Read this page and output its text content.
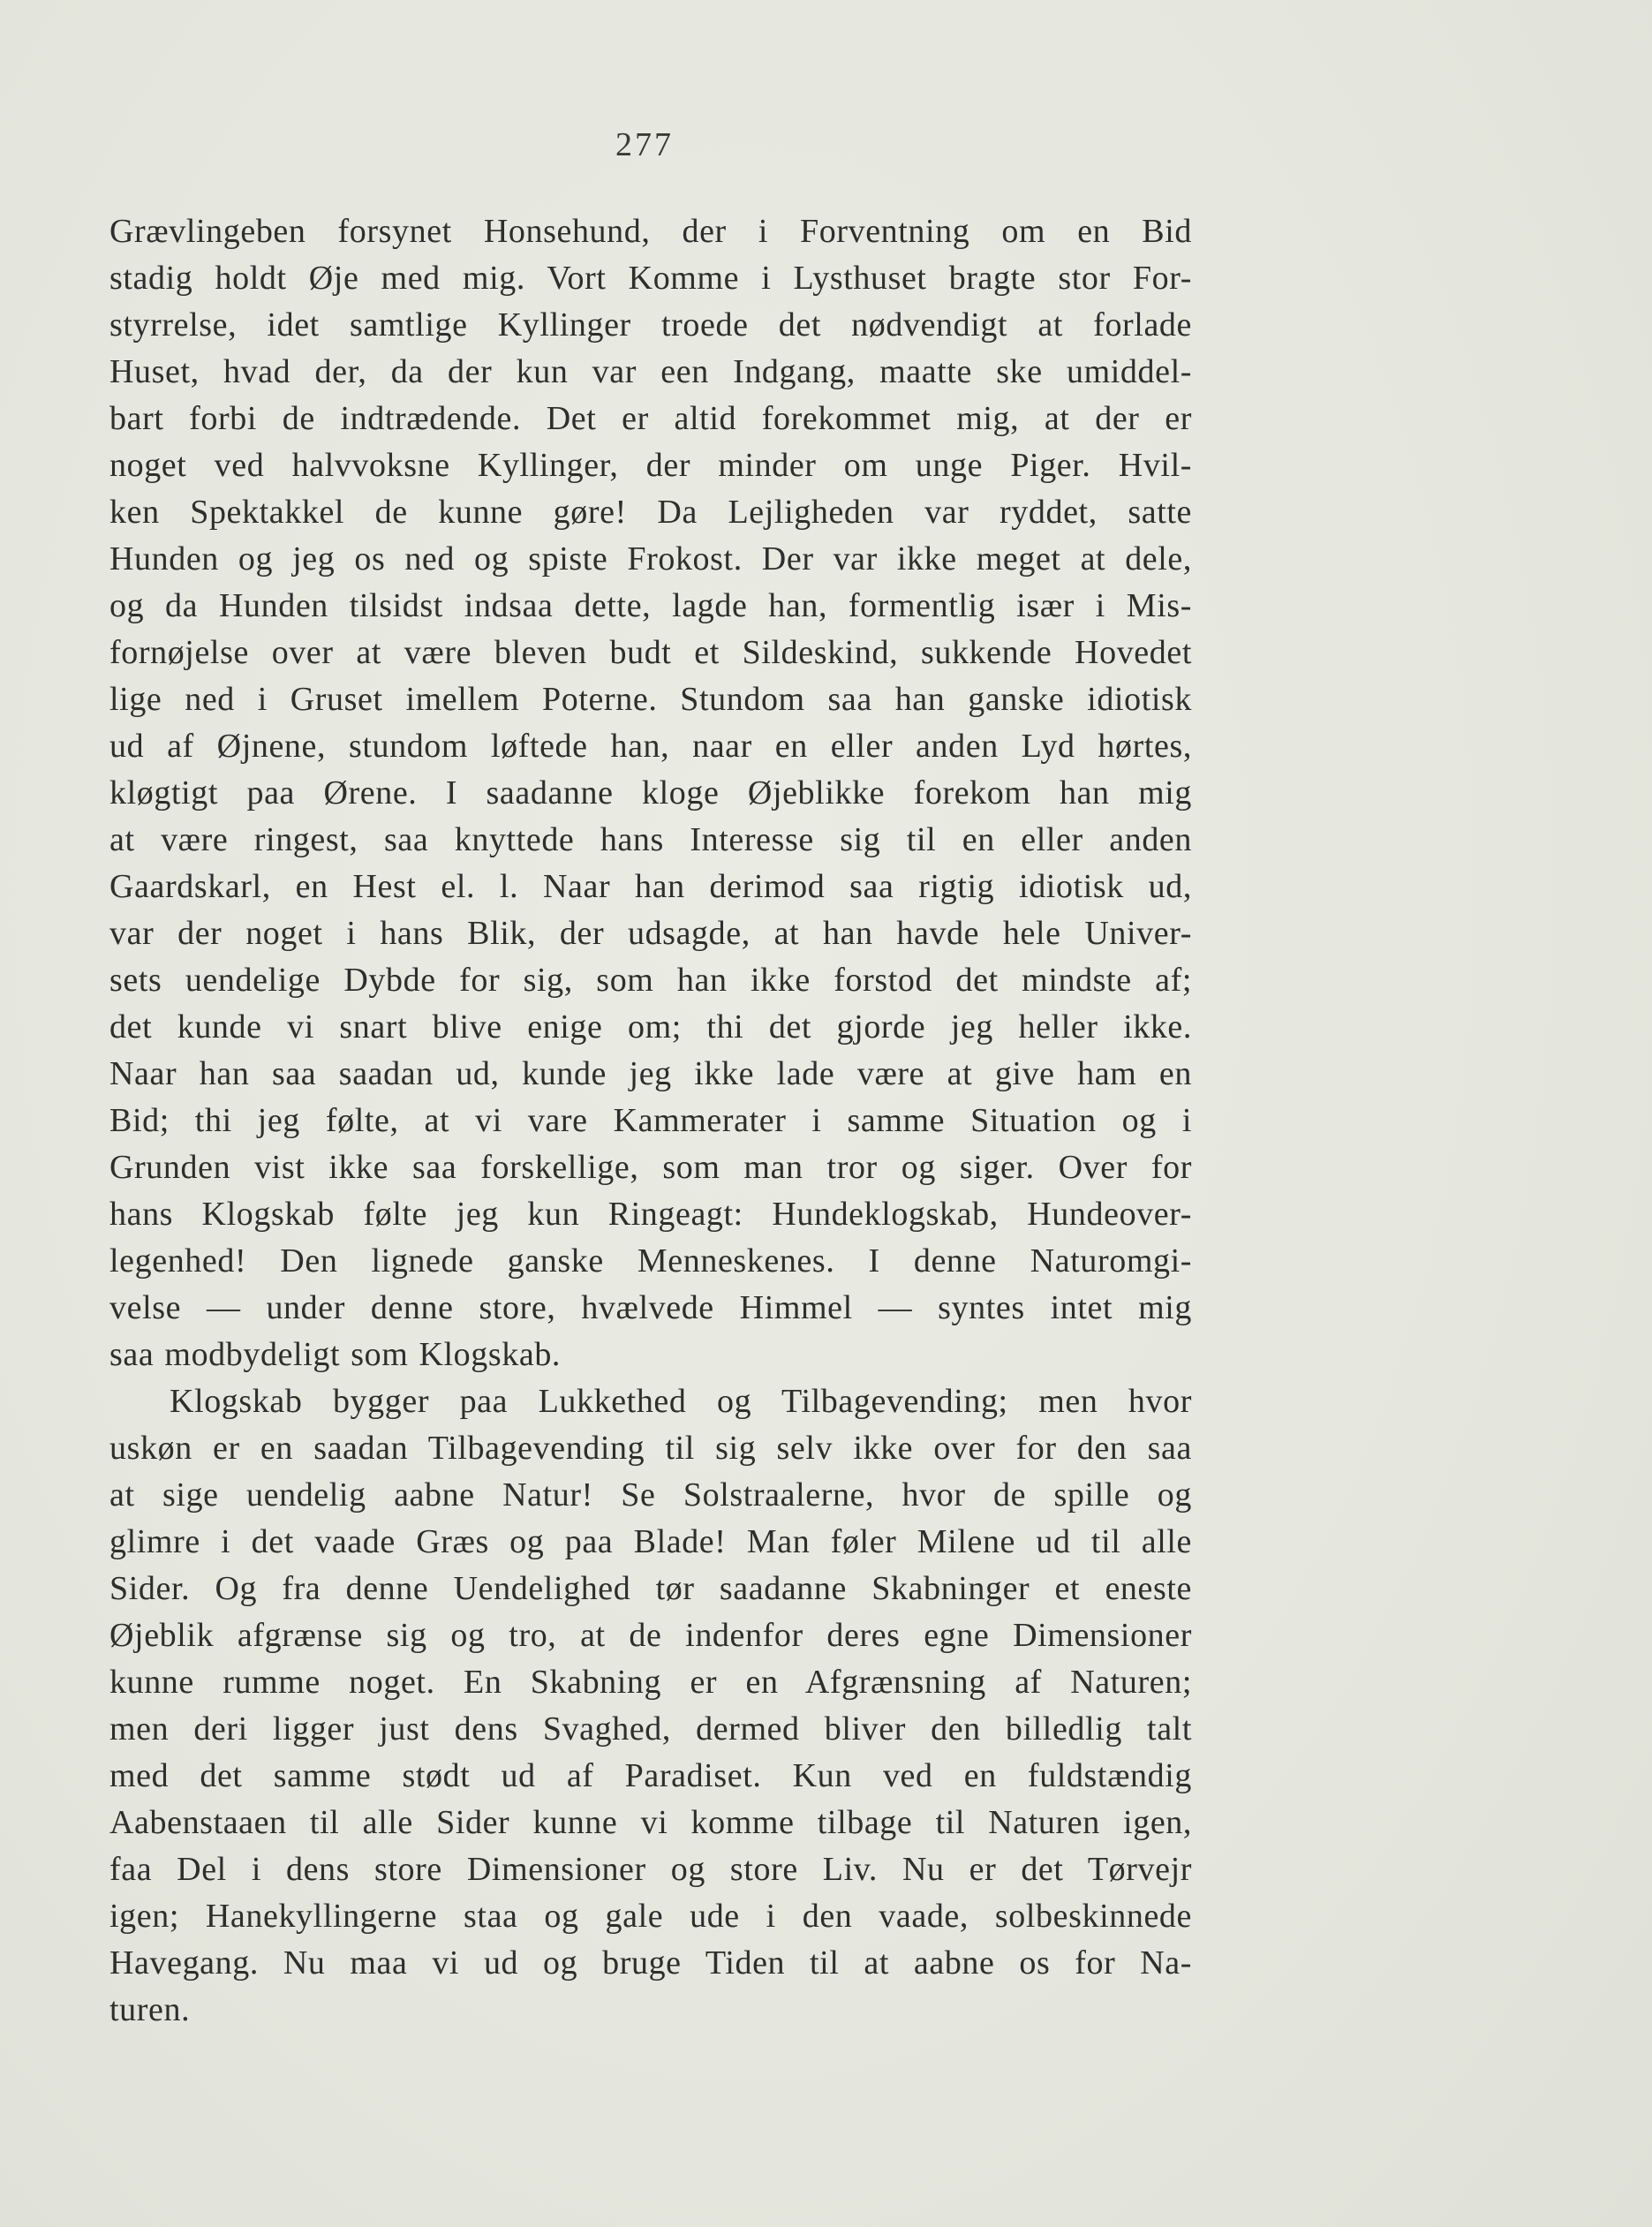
277
Grævlingeben forsynet Honsehund, der i Forventning om en Bid
stadig holdt Øje med mig. Vort Komme i Lysthuset bragte stor For-
styrrelse, idet samtlige Kyllinger troede det nødvendigt at forlade
Huset, hvad der, da der kun var een Indgang, maatte ske umiddel-
bart forbi de indtrædende. Det er altid forekommet mig, at der er
noget ved halvvoksne Kyllinger, der minder om unge Piger. Hvil-
ken Spektakkel de kunne gøre! Da Lejligheden var ryddet, satte
Hunden og jeg os ned og spiste Frokost. Der var ikke meget at dele,
og da Hunden tilsidst indsaa dette, lagde han, formentlig især i Mis-
fornøjelse over at være bleven budt et Sildeskind, sukkende Hovedet
lige ned i Gruset imellem Poterne. Stundom saa han ganske idiotisk
ud af Øjnene, stundom løftede han, naar en eller anden Lyd hørtes,
kløgtigt paa Ørene. I saadanne kloge Øjeblikke forekom han mig
at være ringest, saa knyttede hans Interesse sig til en eller anden
Gaardskarl, en Hest el. l. Naar han derimod saa rigtig idiotisk ud,
var der noget i hans Blik, der udsagde, at han havde hele Univer-
sets uendelige Dybde for sig, som han ikke forstod det mindste af;
det kunde vi snart blive enige om; thi det gjorde jeg heller ikke.
Naar han saa saadan ud, kunde jeg ikke lade være at give ham en
Bid; thi jeg følte, at vi vare Kammerater i samme Situation og i
Grunden vist ikke saa forskellige, som man tror og siger. Over for
hans Klogskab følte jeg kun Ringeagt: Hundeklogskab, Hundeover-
legenhed! Den lignede ganske Menneskenes. I denne Naturomgi-
velse — under denne store, hvælvede Himmel — syntes intet mig
saa modbydeligt som Klogskab.
Klogskab bygger paa Lukkethed og Tilbagevending; men hvor
uskøn er en saadan Tilbagevending til sig selv ikke over for den saa
at sige uendelig aabne Natur! Se Solstraalerne, hvor de spille og
glimre i det vaade Græs og paa Blade! Man føler Milene ud til alle
Sider. Og fra denne Uendelighed tør saadanne Skabninger et eneste
Øjeblik afgrænse sig og tro, at de indenfor deres egne Dimensioner
kunne rumme noget. En Skabning er en Afgrænsning af Naturen;
men deri ligger just dens Svaghed, dermed bliver den billedlig talt
med det samme stødt ud af Paradiset. Kun ved en fuldstændig
Aabenstaaen til alle Sider kunne vi komme tilbage til Naturen igen,
faa Del i dens store Dimensioner og store Liv. Nu er det Tørvejr
igen; Hanekyllingerne staa og gale ude i den vaade, solbeskinnede
Havegang. Nu maa vi ud og bruge Tiden til at aabne os for Na-
turen.
